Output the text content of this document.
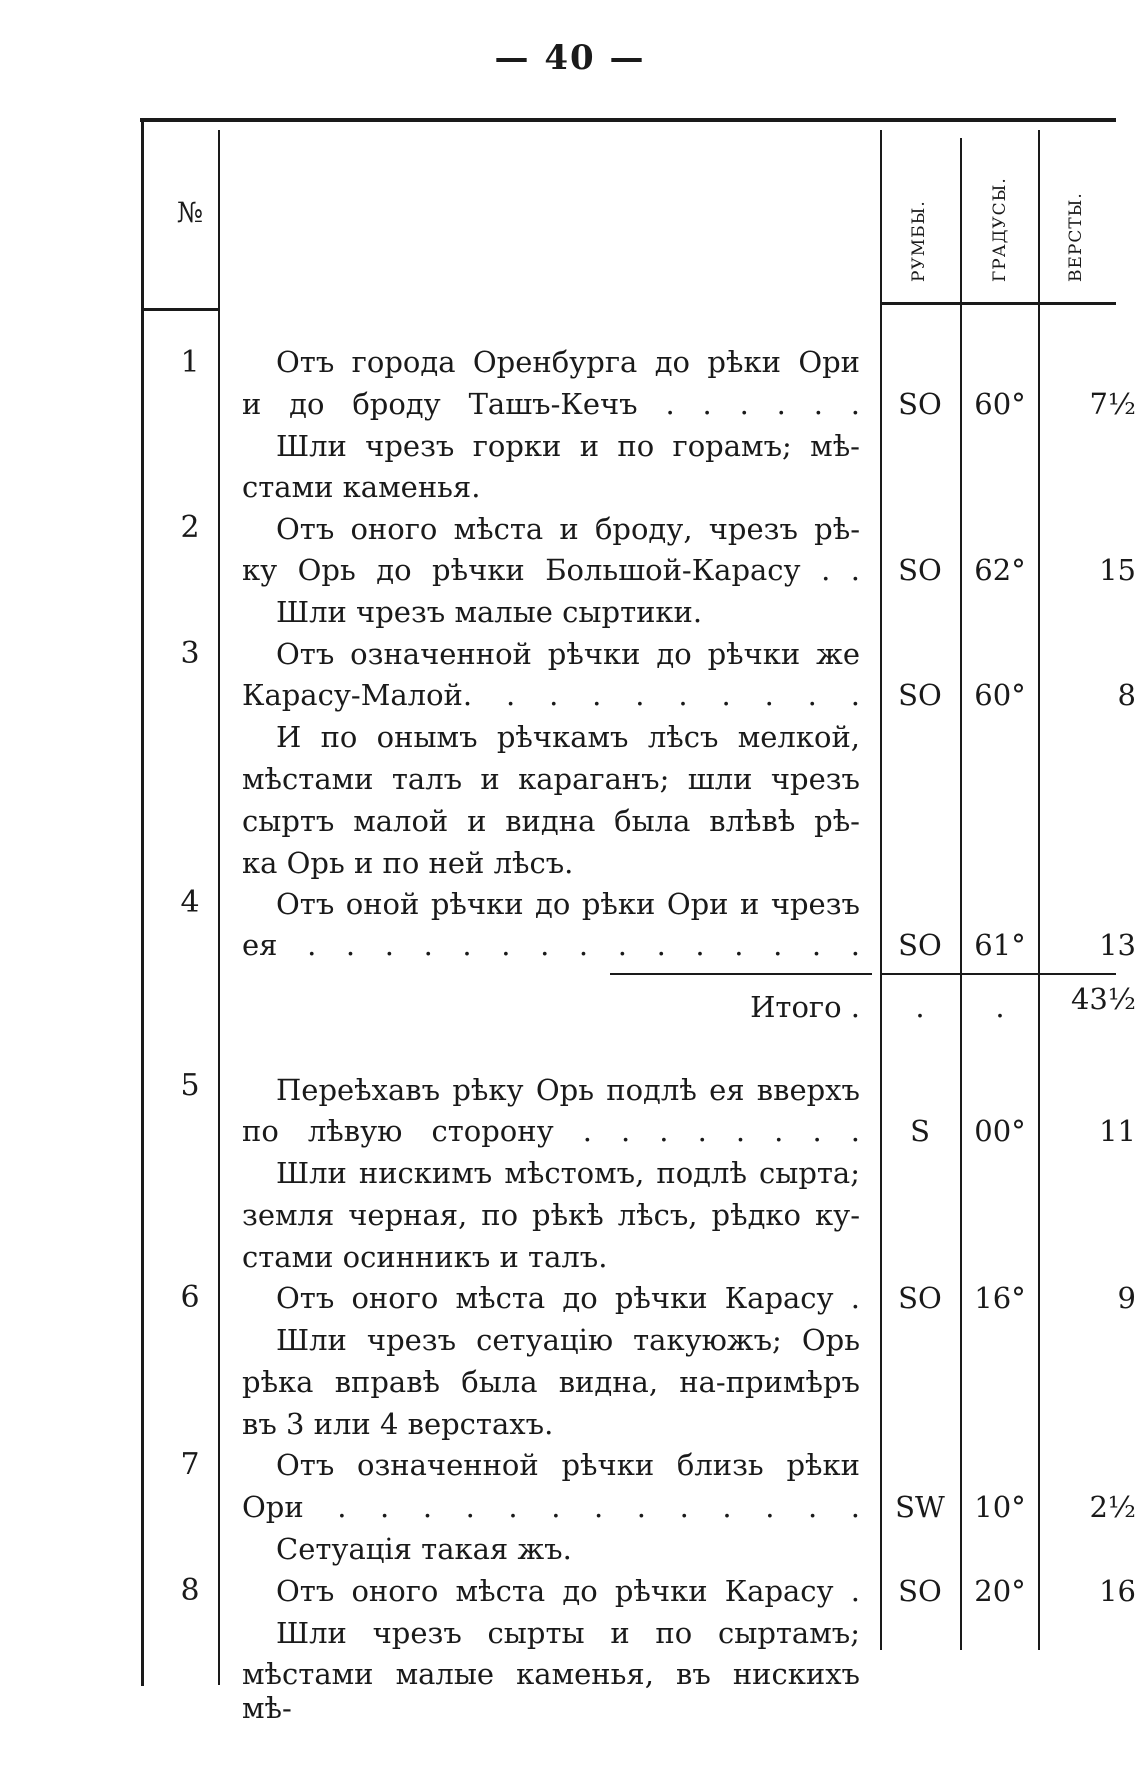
— 40 —
№	РУМБЫ.	ГРАДУСЫ.	ВЕРСТЫ.
1	Отъ города Оренбурга до рѣки Ори
и до броду Ташъ-Кечъ . . . . . .
Шли чрезъ горки и по горамъ; мѣ-
стами каменья.
SO	60°	7½
2	Отъ оного мѣста и броду, чрезъ рѣ-
ку Орь до рѣчки Большой-Карасу . .
Шли чрезъ малые сыртики.
SO	62°	15
3	Отъ означенной рѣчки до рѣчки же
Карасу-Малой. . . . . . . . . .
И по онымъ рѣчкамъ лѣсъ мелкой,
мѣстами талъ и караганъ; шли чрезъ
сыртъ малой и видна была влѣвѣ рѣ-
ка Орь и по ней лѣсъ.
SO	60°	8
4	Отъ оной рѣчки до рѣки Ори и чрезъ
ея . . . . . . . . . . . . . . .	SO	61°	13
Итого .	.	.	43½
5	Переѣхавъ рѣку Орь подлѣ ея вверхъ
по лѣвую сторону . . . . . . . .
Шли нискимъ мѣстомъ, подлѣ сырта;
земля черная, по рѣкѣ лѣсъ, рѣдко ку-
стами осинникъ и талъ.
S	00°	11
6	Отъ оного мѣста до рѣчки Карасу .
Шли чрезъ сетуацію такуюжъ; Орь
рѣка вправѣ была видна, на-примѣръ
въ 3 или 4 верстахъ.
SO	16°	9
7	Отъ означенной рѣчки близь рѣки
Ори . . . . . . . . . . . . .
Сетуація такая жъ.
SW	10°	2½
8	Отъ оного мѣста до рѣчки Карасу .
Шли чрезъ сырты и по сыртамъ;
мѣстами малые каменья, въ нискихъ мѣ-
SO	20°	16
